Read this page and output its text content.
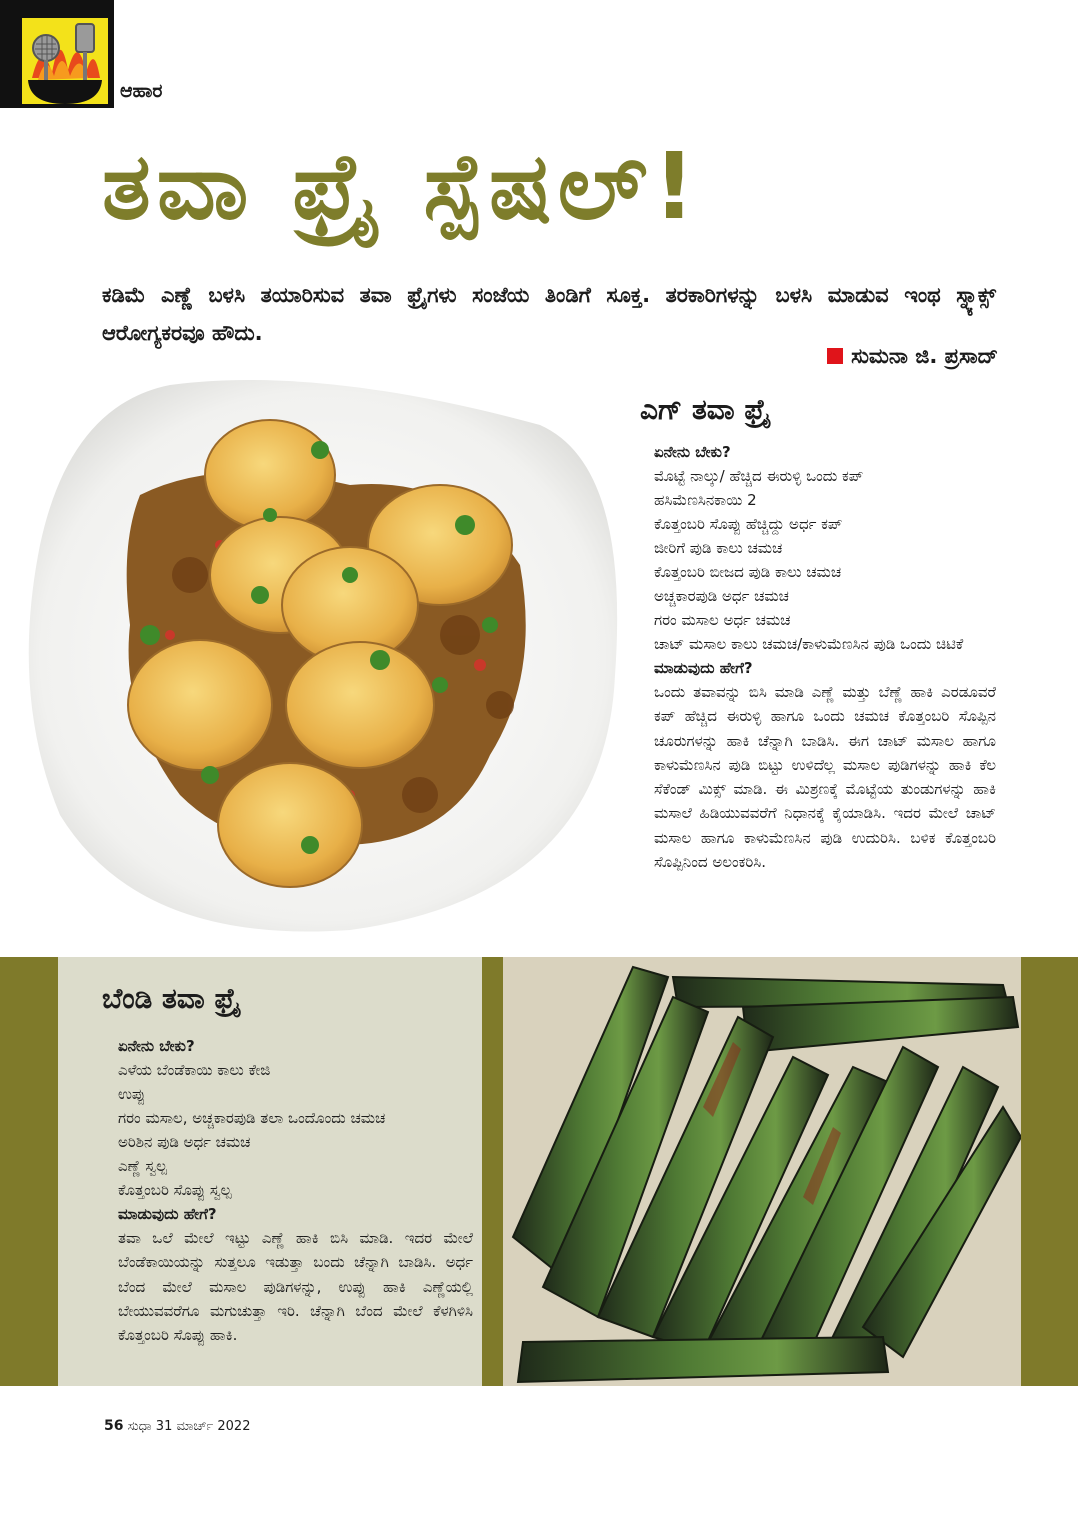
ಆಹಾರ
ತವಾ ಫ್ರೈ ಸ್ಪೆಷಲ್!

ಕಡಿಮೆ ಎಣ್ಣೆ ಬಳಸಿ ತಯಾರಿಸುವ ತವಾ ಫ್ರೈಗಳು ಸಂಜೆಯ ತಿಂಡಿಗೆ ಸೂಕ್ತ. ತರಕಾರಿಗಳನ್ನು ಬಳಸಿ ಮಾಡುವ ಇಂಥ ಸ್ನ್ಯಾಕ್ಸ್ ಆರೋಗ್ಯಕರವೂ ಹೌದು.

ಸುಮನಾ ಜಿ. ಪ್ರಸಾದ್
ಎಗ್ ತವಾ ಫ್ರೈ
ಏನೇನು ಬೇಕು?
ಮೊಟ್ಟೆ ನಾಲ್ಕು/ ಹೆಚ್ಚಿದ ಈರುಳ್ಳಿ ಒಂದು ಕಪ್
ಹಸಿಮೆಣಸಿನಕಾಯಿ 2
ಕೊತ್ತಂಬರಿ ಸೊಪ್ಪು ಹೆಚ್ಚಿದ್ದು ಅರ್ಧ ಕಪ್
ಜೀರಿಗೆ ಪುಡಿ ಕಾಲು ಚಮಚ
ಕೊತ್ತಂಬರಿ ಬೀಜದ ಪುಡಿ ಕಾಲು ಚಮಚ
ಅಚ್ಚಕಾರಪುಡಿ ಅರ್ಧ ಚಮಚ
ಗರಂ ಮಸಾಲ ಅರ್ಧ ಚಮಚ
ಚಾಟ್ ಮಸಾಲ ಕಾಲು ಚಮಚ/ಕಾಳುಮೆಣಸಿನ ಪುಡಿ ಒಂದು ಚಿಟಿಕೆ
ಮಾಡುವುದು ಹೇಗೆ?

ಒಂದು ತವಾವನ್ನು ಬಿಸಿ ಮಾಡಿ ಎಣ್ಣೆ ಮತ್ತು ಬೆಣ್ಣೆ ಹಾಕಿ ಎರಡೂವರೆ ಕಪ್ ಹೆಚ್ಚಿದ ಈರುಳ್ಳಿ ಹಾಗೂ ಒಂದು ಚಮಚ ಕೊತ್ತಂಬರಿ ಸೊಪ್ಪಿನ ಚೂರುಗಳನ್ನು ಹಾಕಿ ಚೆನ್ನಾಗಿ ಬಾಡಿಸಿ. ಈಗ ಚಾಟ್ ಮಸಾಲ ಹಾಗೂ ಕಾಳುಮೆಣಸಿನ ಪುಡಿ ಬಿಟ್ಟು ಉಳಿದೆಲ್ಲ ಮಸಾಲ ಪುಡಿಗಳನ್ನು ಹಾಕಿ ಕೆಲ ಸೆಕೆಂಡ್ ಮಿಕ್ಸ್ ಮಾಡಿ. ಈ ಮಿಶ್ರಣಕ್ಕೆ ಮೊಟ್ಟೆಯ ತುಂಡುಗಳನ್ನು ಹಾಕಿ ಮಸಾಲೆ ಹಿಡಿಯುವವರೆಗೆ ನಿಧಾನಕ್ಕೆ ಕೈಯಾಡಿಸಿ. ಇದರ ಮೇಲೆ ಚಾಟ್ ಮಸಾಲ ಹಾಗೂ ಕಾಳುಮೆಣಸಿನ ಪುಡಿ ಉದುರಿಸಿ. ಬಳಿಕ ಕೊತ್ತಂಬರಿ ಸೊಪ್ಪಿನಿಂದ ಅಲಂಕರಿಸಿ.

ಬೆಂಡಿ ತವಾ ಫ್ರೈ
ಏನೇನು ಬೇಕು?
ಎಳೆಯ ಬೆಂಡೆಕಾಯಿ ಕಾಲು ಕೇಜಿ
ಉಪ್ಪು
ಗರಂ ಮಸಾಲ, ಅಚ್ಚಕಾರಪುಡಿ ತಲಾ ಒಂದೊಂದು ಚಮಚ
ಅರಿಶಿನ ಪುಡಿ ಅರ್ಧ ಚಮಚ
ಎಣ್ಣೆ ಸ್ವಲ್ಪ
ಕೊತ್ತಂಬರಿ ಸೊಪ್ಪು ಸ್ವಲ್ಪ
ಮಾಡುವುದು ಹೇಗೆ?

ತವಾ ಒಲೆ ಮೇಲೆ ಇಟ್ಟು ಎಣ್ಣೆ ಹಾಕಿ ಬಿಸಿ ಮಾಡಿ. ಇದರ ಮೇಲೆ ಬೆಂಡೆಕಾಯಿಯನ್ನು ಸುತ್ತಲೂ ಇಡುತ್ತಾ ಬಂದು ಚೆನ್ನಾಗಿ ಬಾಡಿಸಿ. ಅರ್ಧ ಬೆಂದ ಮೇಲೆ ಮಸಾಲ ಪುಡಿಗಳನ್ನು, ಉಪ್ಪು ಹಾಕಿ ಎಣ್ಣೆಯಲ್ಲಿ ಬೇಯುವವರೆಗೂ ಮಗುಚುತ್ತಾ ಇರಿ. ಚೆನ್ನಾಗಿ ಬೆಂದ ಮೇಲೆ ಕೆಳಗಿಳಿಸಿ ಕೊತ್ತಂಬರಿ ಸೊಪ್ಪು ಹಾಕಿ.

56 ಸುಧಾ 31 ಮಾರ್ಚ್ 2022
